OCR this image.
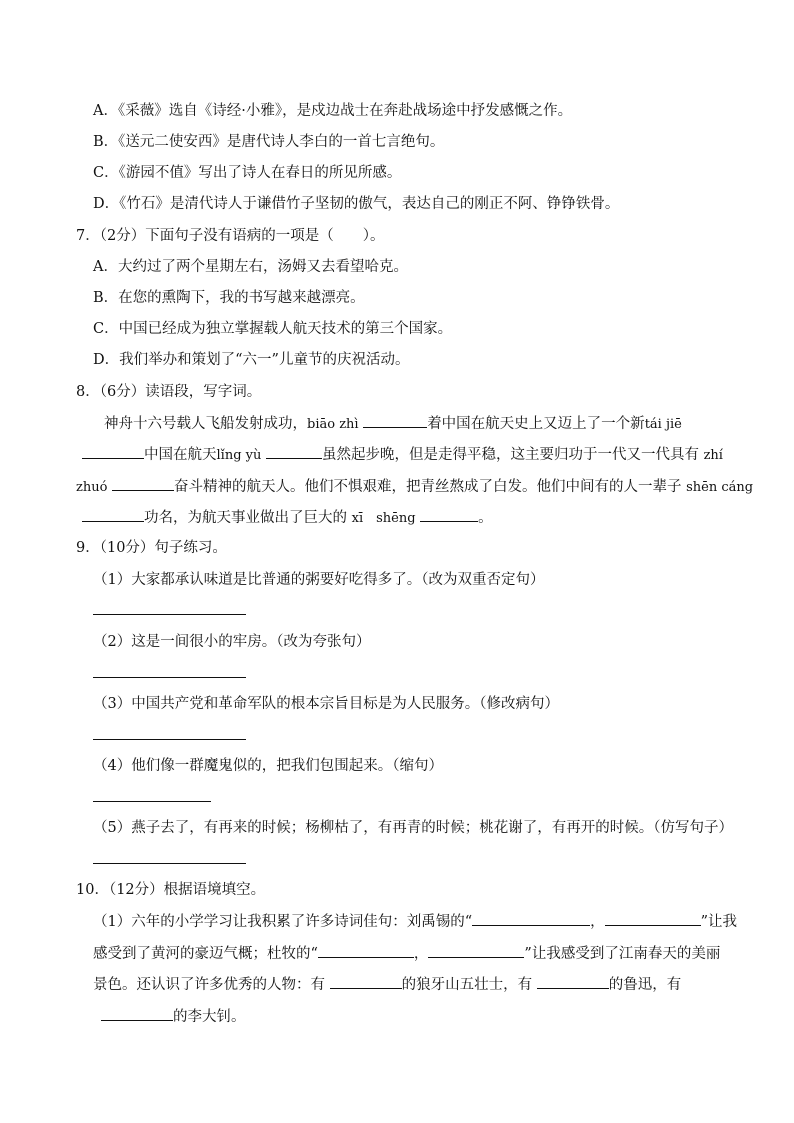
A．《采薇》选自《诗经·小雅》，是戍边战士在奔赴战场途中抒发感慨之作。
B．《送元二使安西》是唐代诗人李白的一首七言绝句。
C．《游园不值》写出了诗人在春日的所见所感。
D．《竹石》是清代诗人于谦借竹子坚韧的傲气，表达自己的刚正不阿、铮铮铁骨。
7．（2分）下面句子没有语病的一项是（　　）。
A．大约过了两个星期左右，汤姆又去看望哈克。
B．在您的熏陶下，我的书写越来越漂亮。
C．中国已经成为独立掌握载人航天技术的第三个国家。
D．我们举办和策划了“六一”儿童节的庆祝活动。
8．（6分）读语段，写字词。
神舟十六号载人飞船发射成功，biāo zhì	着中国在航天史上又迈上了一个新tái jiē
中国在航天lǐng yù	虽然起步晚，但是走得平稳，这主要归功于一代又一代具有 zhí
zhuó	奋斗精神的航天人。他们不惧艰难，把青丝熬成了白发。他们中间有的人一辈子 shēn cáng
功名，为航天事业做出了巨大的 xī　shēng	。
9．（10分）句子练习。
（1）大家都承认味道是比普通的粥要好吃得多了。（改为双重否定句）
（2）这是一间很小的牢房。（改为夸张句）
（3）中国共产党和革命军队的根本宗旨目标是为人民服务。（修改病句）
（4）他们像一群魔鬼似的，把我们包围起来。（缩句）
（5）燕子去了，有再来的时候；杨柳枯了，有再青的时候；桃花谢了，有再开的时候。（仿写句子）
10．（12分）根据语境填空。
（1）六年的小学学习让我积累了许多诗词佳句：刘禹锡的“	，	”让我
感受到了黄河的豪迈气概；杜牧的“	，	”让我感受到了江南春天的美丽
景色。还认识了许多优秀的人物：有	的狼牙山五壮士，有	的鲁迅，有
的李大钊。
